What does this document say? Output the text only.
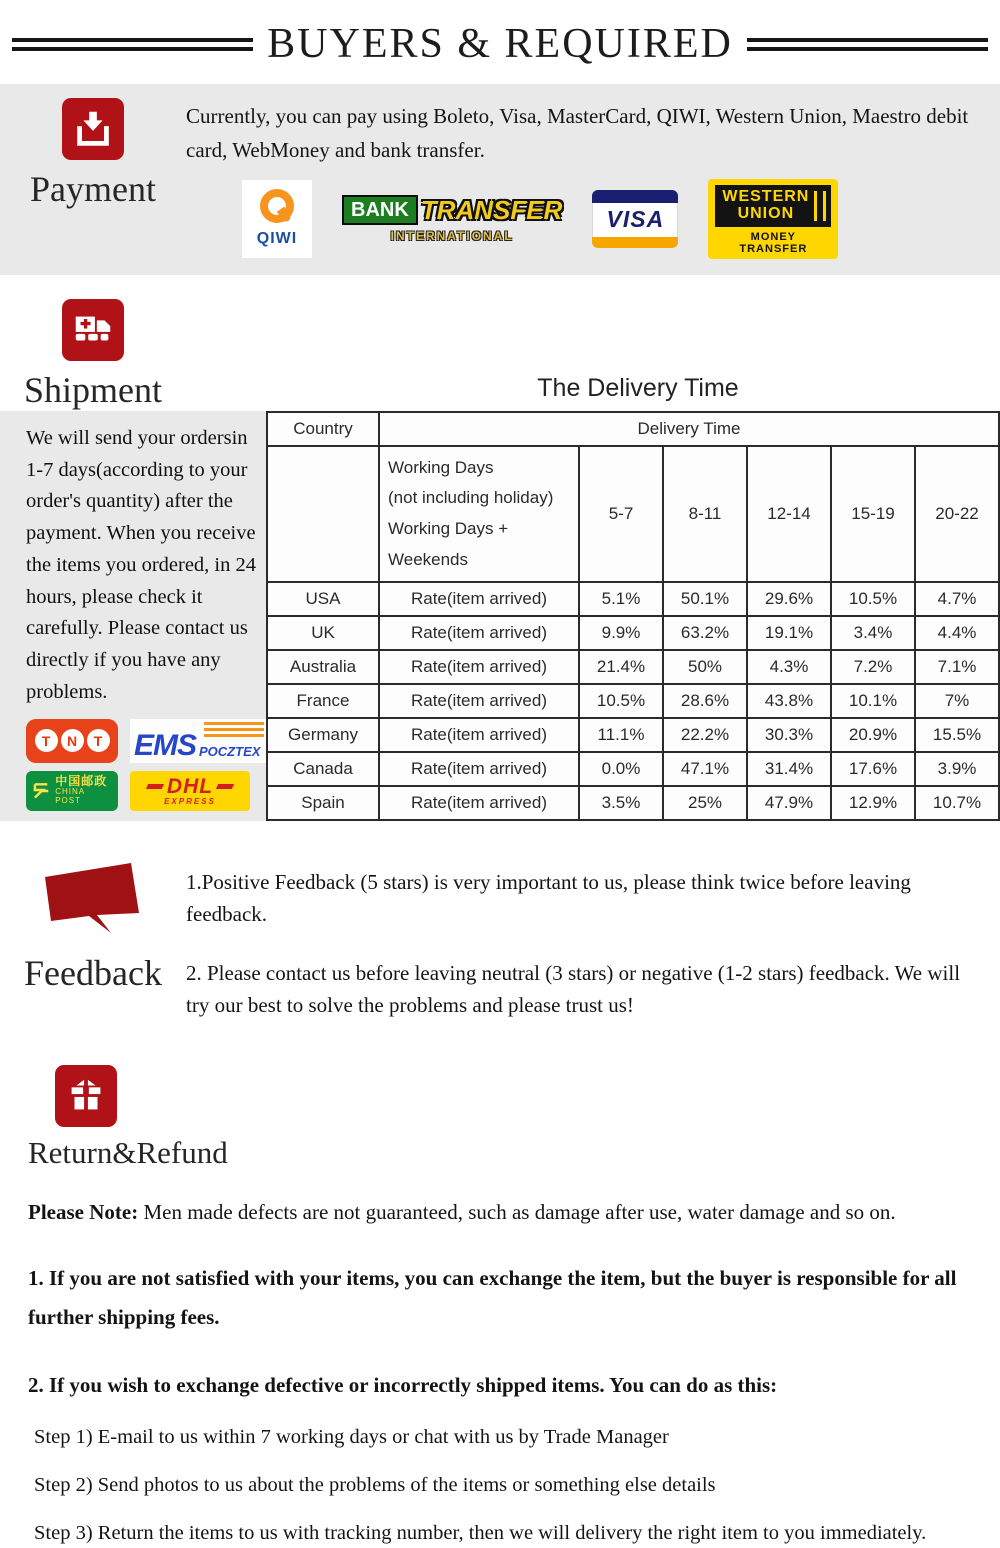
BUYERS & REQUIRED
Payment

Currently, you can pay using Boleto, Visa, MasterCard, QIWI, Western Union, Maestro debit card, WebMoney and bank transfer.

QIWI
BANK TRANSFER
INTERNATIONAL
VISA
WESTERN
UNION
MONEY TRANSFER
Shipment	The Delivery Time

We will send your ordersin 1-7 days(according to your order's quantity) after the payment. When you receive the items you ordered, in 24 hours, please check it carefully. Please contact us directly if you have any problems.

T	N	T EMS POCZTEX
中国邮政
CHINA POST
DHL
EXPRESS
Country	Delivery Time					

	Working Days
(not including holiday)
Working Days + Weekends	5-7	8-11	12-14	15-19	20-22
USA	Rate(item arrived)	5.1%	50.1%	29.6%	10.5%	4.7%
UK	Rate(item arrived)	9.9%	63.2%	19.1%	3.4%	4.4%
Australia	Rate(item arrived)	21.4%	50%	4.3%	7.2%	7.1%
France	Rate(item arrived)	10.5%	28.6%	43.8%	10.1%	7%
Germany	Rate(item arrived)	11.1%	22.2%	30.3%	20.9%	15.5%
Canada	Rate(item arrived)	0.0%	47.1%	31.4%	17.6%	3.9%
Spain	Rate(item arrived)	3.5%	25%	47.9%	12.9%	10.7%
Feedback

1.Positive Feedback (5 stars) is very important to us, please think twice before leaving feedback.

2. Please contact us before leaving neutral (3 stars) or negative (1-2 stars) feedback. We will try our best to solve the problems and please trust us!

Return&Refund

Please Note: Men made defects are not guaranteed, such as damage after use, water damage and so on.

1. If you are not satisfied with your items, you can exchange the item, but the buyer is responsible for all further shipping fees.

2. If you wish to exchange defective or incorrectly shipped items. You can do as this:

Step 1) E-mail to us within 7 working days or chat with us by Trade Manager

Step 2) Send photos to us about the problems of the items or something else details

Step 3) Return the items to us with tracking number, then we will delivery the right item to you immediately.
